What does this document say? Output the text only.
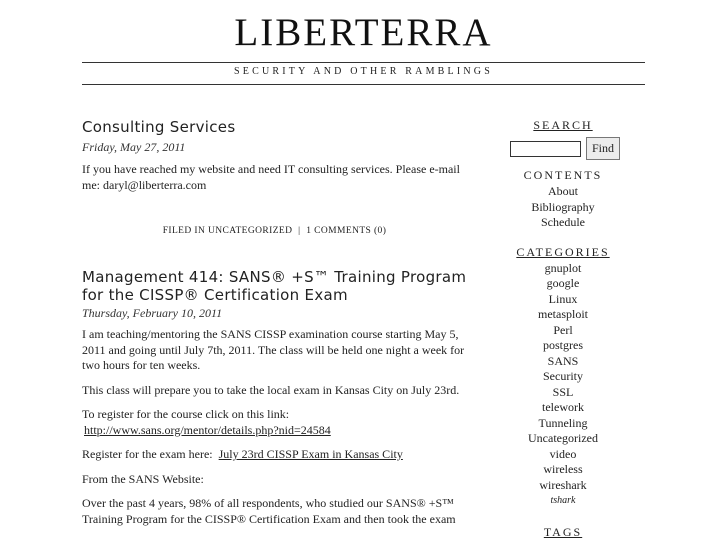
LIBERTERRA
SECURITY AND OTHER RAMBLINGS
Consulting Services
Friday, May 27, 2011

If you have reached my website and need IT consulting services. Please e-mail me: daryl@liberterra.com

FILED IN UNCATEGORIZED | 1 COMMENTS (0)
Management 414: SANS® +S™ Training Program for the CISSP® Certification Exam
Thursday, February 10, 2011

I am teaching/mentoring the SANS CISSP examination course starting May 5, 2011 and going until July 7th, 2011. The class will be held one night a week for two hours for ten weeks.

This class will prepare you to take the local exam in Kansas City on July 23rd.

To register for the course click on this link:
http://www.sans.org/mentor/details.php?nid=24584

Register for the exam here: July 23rd CISSP Exam in Kansas City

From the SANS Website:

Over the past 4 years, 98% of all respondents, who studied our SANS® +S™ Training Program for the CISSP® Certification Exam and then took the exam

SEARCH
Find
CONTENTS
About
Bibliography
Schedule
CATEGORIES
gnuplot
google
Linux
metasploit
Perl
postgres
SANS
Security
SSL
telework
Tunneling
Uncategorized
video
wireless
wireshark
tshark
TAGS
